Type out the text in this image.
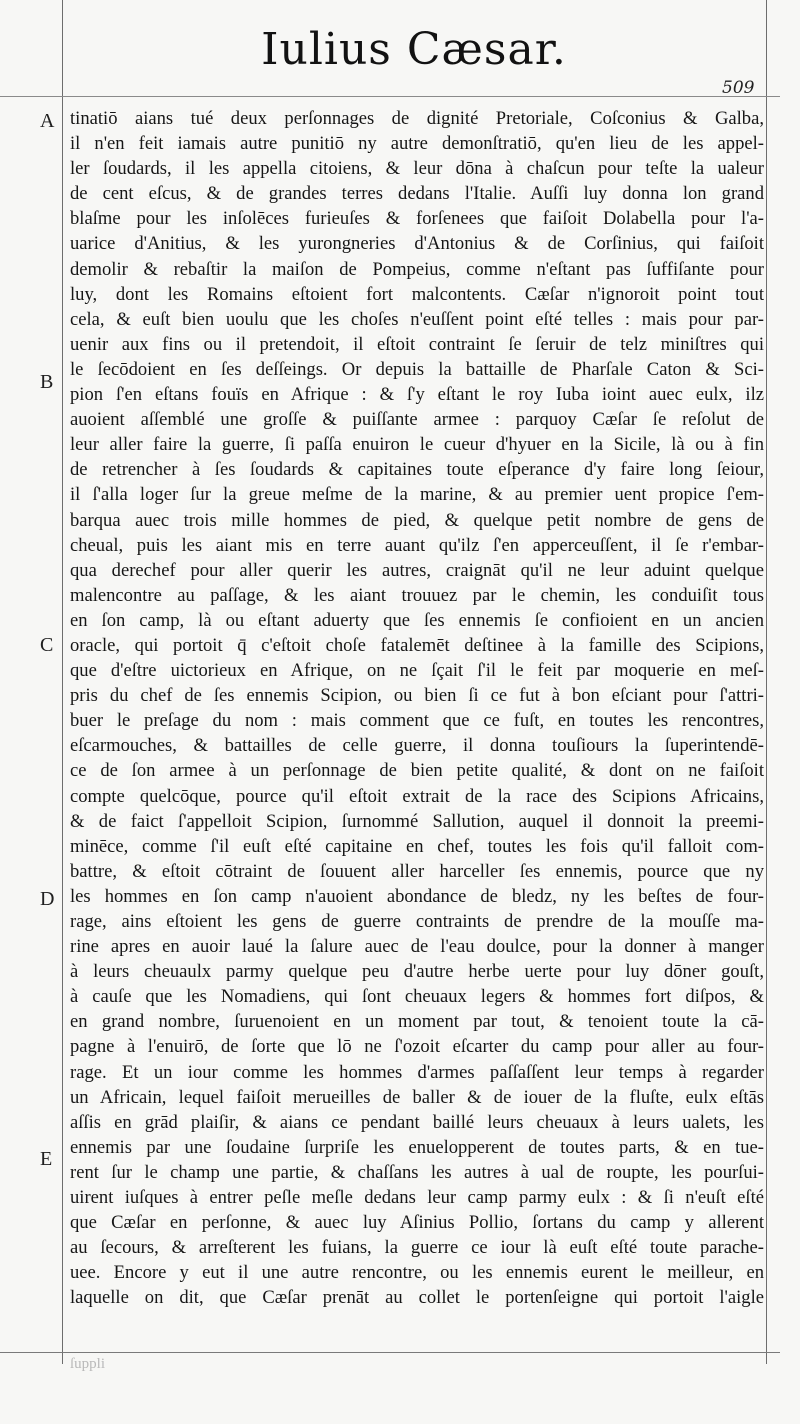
Iulius Cæsar.
509
A
B
C
D
E
tinatiō aians tué deux perſonnages de dignité Pretoriale, Coſconius & Galba,
il n'en feit iamais autre punitiō ny autre demonſtratiō, qu'en lieu de les appel-
ler ſoudards, il les appella citoiens, & leur dōna à chaſcun pour teſte la ualeur
de cent eſcus, & de grandes terres dedans l'Italie. Auſſi luy donna lon grand
blaſme pour les inſolēces furieuſes & forſenees que faiſoit Dolabella pour l'a-
uarice d'Anitius, & les yurongneries d'Antonius & de Corſinius, qui faiſoit
demolir & rebaſtir la maiſon de Pompeius, comme n'eſtant pas ſuffiſante pour
luy, dont les Romains eſtoient fort malcontents. Cæſar n'ignoroit point tout
cela, & euſt bien uoulu que les choſes n'euſſent point eſté telles : mais pour par-
uenir aux fins ou il pretendoit, il eſtoit contraint ſe ſeruir de telz miniſtres qui
le ſecōdoient en ſes deſſeings. Or depuis la battaille de Pharſale Caton & Sci-
pion ſ'en eſtans fouïs en Afrique : & ſ'y eſtant le roy Iuba ioint auec eulx, ilz
auoient aſſemblé une groſſe & puiſſante armee : parquoy Cæſar ſe reſolut de
leur aller faire la guerre, ſi paſſa enuiron le cueur d'hyuer en la Sicile, là ou à fin
de retrencher à ſes ſoudards & capitaines toute eſperance d'y faire long ſeiour,
il ſ'alla loger ſur la greue meſme de la marine, & au premier uent propice ſ'em-
barqua auec trois mille hommes de pied, & quelque petit nombre de gens de
cheual, puis les aiant mis en terre auant qu'ilz ſ'en apperceuſſent, il ſe r'embar-
qua derechef pour aller querir les autres, craignāt qu'il ne leur aduint quelque
malencontre au paſſage, & les aiant trouuez par le chemin, les conduiſit tous
en ſon camp, là ou eſtant aduerty que ſes ennemis ſe confioient en un ancien
oracle, qui portoit q̄ c'eſtoit choſe fatalemēt deſtinee à la famille des Scipions,
que d'eſtre uictorieux en Afrique, on ne ſçait ſ'il le feit par moquerie en meſ-
pris du chef de ſes ennemis Scipion, ou bien ſi ce fut à bon eſciant pour ſ'attri-
buer le preſage du nom : mais comment que ce fuſt, en toutes les rencontres,
eſcarmouches, & battailles de celle guerre, il donna touſiours la ſuperintendē-
ce de ſon armee à un perſonnage de bien petite qualité, & dont on ne faiſoit
compte quelcōque, pource qu'il eſtoit extrait de la race des Scipions Africains,
& de faict ſ'appelloit Scipion, ſurnommé Sallution, auquel il donnoit la preemi-
minēce, comme ſ'il euſt eſté capitaine en chef, toutes les fois qu'il falloit com-
battre, & eſtoit cōtraint de ſouuent aller harceller ſes ennemis, pource que ny
les hommes en ſon camp n'auoient abondance de bledz, ny les beſtes de four-
rage, ains eſtoient les gens de guerre contraints de prendre de la mouſſe ma-
rine apres en auoir laué la ſalure auec de l'eau doulce, pour la donner à manger
à leurs cheuaulx parmy quelque peu d'autre herbe uerte pour luy dōner gouſt,
à cauſe que les Nomadiens, qui ſont cheuaux legers & hommes fort diſpos, &
en grand nombre, ſuruenoient en un moment par tout, & tenoient toute la cā-
pagne à l'enuirō, de ſorte que lō ne ſ'ozoit eſcarter du camp pour aller au four-
rage. Et un iour comme les hommes d'armes paſſaſſent leur temps à regarder
un Africain, lequel faiſoit merueilles de baller & de iouer de la fluſte, eulx eſtās
aſſis en grād plaiſir, & aians ce pendant baillé leurs cheuaux à leurs ualets, les
ennemis par une ſoudaine ſurpriſe les enuelopperent de toutes parts, & en tue-
rent ſur le champ une partie, & chaſſans les autres à ual de roupte, les pourſui-
uirent iuſques à entrer peſle meſle dedans leur camp parmy eulx : & ſi n'euſt eſté
que Cæſar en perſonne, & auec luy Aſinius Pollio, ſortans du camp y allerent
au ſecours, & arreſterent les fuians, la guerre ce iour là euſt eſté toute parache-
uee. Encore y eut il une autre rencontre, ou les ennemis eurent le meilleur, en
laquelle on dit, que Cæſar prenāt au collet le portenſeigne qui portoit l'aigle
ſuppli
